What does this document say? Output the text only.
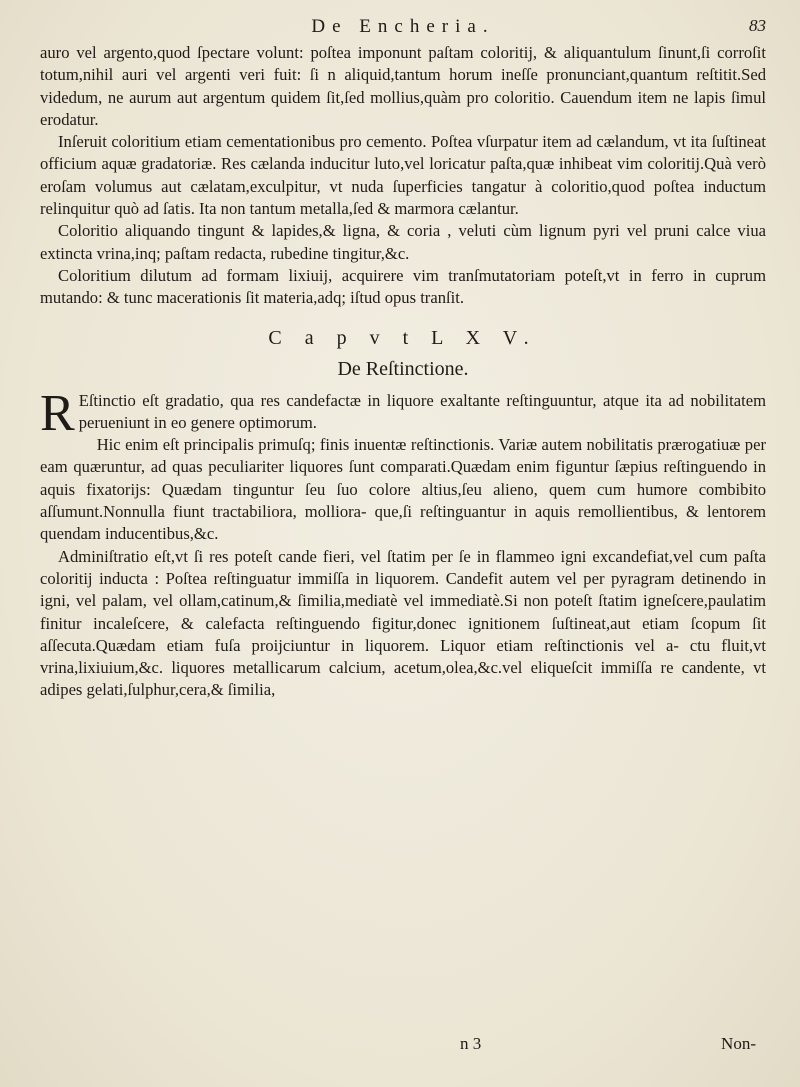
De Encheria.	83

auro vel argento,quod ſpectare volunt: poſtea imponunt paſtam coloritij, & aliquantulum ſinunt,ſi corroſit totum,nihil auri vel argenti veri fuit: ſi n aliquid,tantum horum ineſſe pronunciant,quantum reſtitit.Sed videdum, ne aurum aut argentum quidem ſit,ſed mollius,quàm pro coloritio. Cauendum item ne lapis ſimul erodatur.

Inſeruit coloritium etiam cementationibus pro cemento. Poſtea vſurpatur item ad cælandum, vt ita ſuſtineat officium aquæ gradatoriæ. Res cælanda inducitur luto,vel loricatur paſta,quæ inhibeat vim coloritij.Quà verò eroſam volumus aut cælatam,exculpitur, vt nuda ſuperficies tangatur à coloritio,quod poſtea inductum relinquitur quò ad ſatis. Ita non tantum metalla,ſed & marmora cælantur.

Coloritio aliquando tingunt & lapides,& ligna, & coria , veluti cùm lignum pyri vel pruni calce viua extincta vrina,inq; paſtam redacta, rubedine tingitur,&c.

Coloritium dilutum ad formam lixiuij, acquirere vim tranſmutatoriam poteſt,vt in ferro in cuprum mutando: & tunc macerationis ſit materia,adq; iſtud opus tranſit.

C a p v t L X V.
De Reſtinctione.

R Eſtinctio eſt gradatio, qua res candefactæ in liquore exaltante reſtinguuntur, atque ita ad nobilitatem perueniunt in eo genere optimorum.

Hic enim eſt principalis primuſq; finis inuentæ reſtinctionis. Variæ autem nobilitatis prærogatiuæ per eam quæruntur, ad quas peculiariter liquores ſunt comparati.Quædam enim figuntur ſæpius reſtinguendo in aquis fixatorijs: Quædam tinguntur ſeu ſuo colore altius,ſeu alieno, quem cum humore combibito aſſumunt.Nonnulla fiunt tractabiliora, molliora- que,ſi reſtinguantur in aquis remollientibus, & lentorem quendam inducentibus,&c.

Adminiſtratio eſt,vt ſi res poteſt cande fieri, vel ſtatim per ſe in flammeo igni excandefiat,vel cum paſta coloritij inducta : Poſtea reſtinguatur immiſſa in liquorem. Candefit autem vel per pyragram detinendo in igni, vel palam, vel ollam,catinum,& ſimilia,mediatè vel immediatè.Si non poteſt ſtatim igneſcere,paulatim finitur incaleſcere, & calefacta reſtinguendo figitur,donec ignitionem ſuſtineat,aut etiam ſcopum ſit aſſecuta.Quædam etiam fuſa proijciuntur in liquorem. Liquor etiam reſtinctionis vel a- ctu fluit,vt vrina,lixiuium,&c. liquores metallicarum calcium, acetum,olea,&c.vel eliqueſcit immiſſa re candente, vt adipes gelati,ſulphur,cera,& ſimilia,

n 3	Non-
